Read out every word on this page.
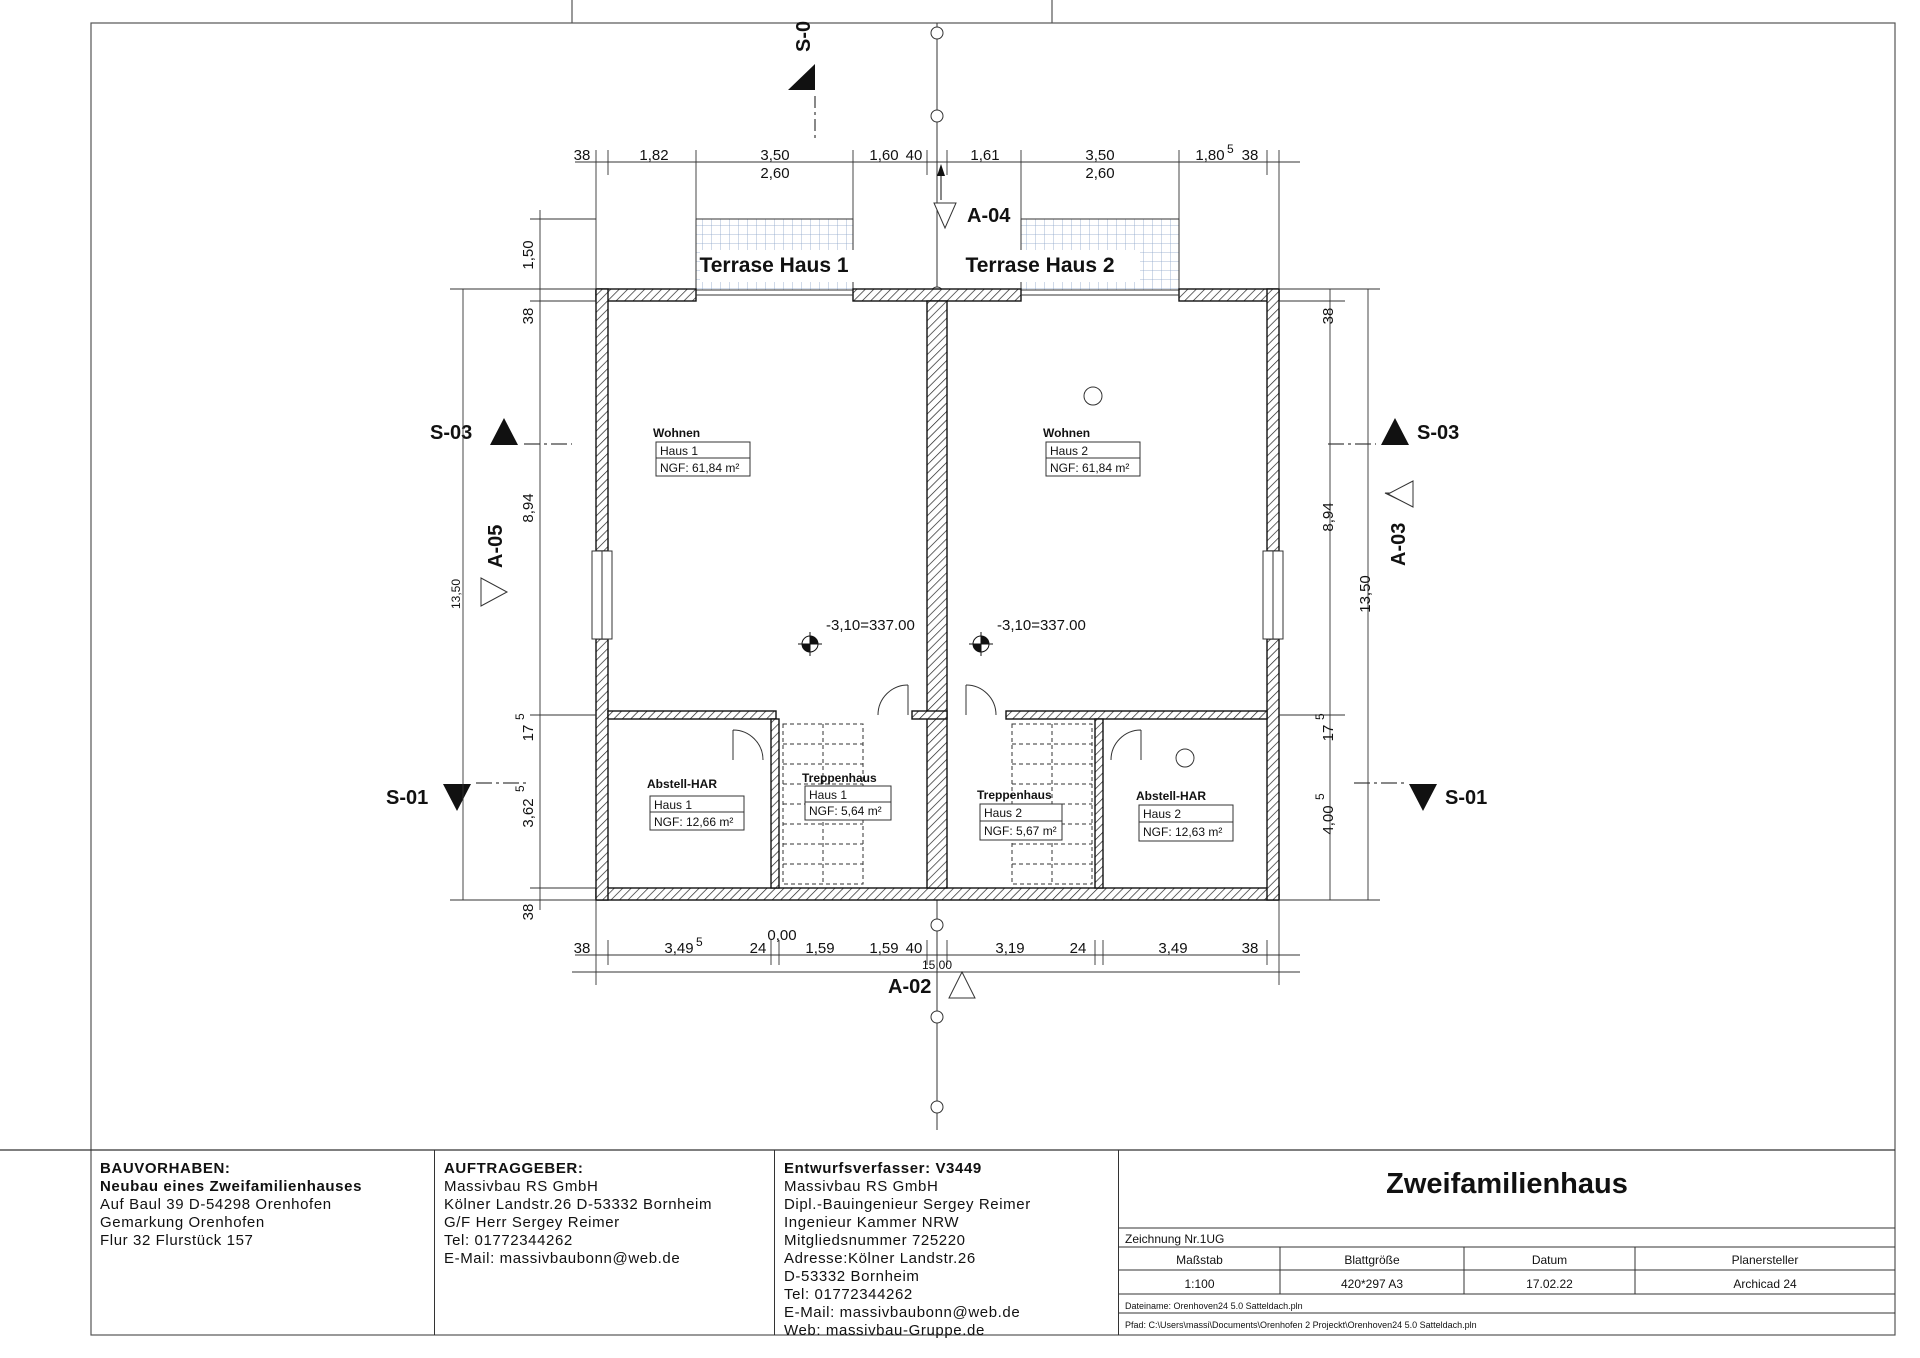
Terrase Haus 1	Terrase Haus 2
Wohnen
Haus 1
NGF: 61,84 m²
Wohnen
Haus 2
NGF: 61,84 m²
Abstell-HAR
Haus 1
NGF: 12,66 m²
Treppenhaus
Haus 1
NGF: 5,64 m²
Treppenhaus
Haus 2
NGF: 5,67 m²
Abstell-HAR
Haus 2
NGF: 12,63 m²
-3,10=337.00	-3,10=337.00
S-03	S-03
S-01	S-01
S-0
A-04
A-02
A-05	A-03
38	1,82	3,50
2,60
1,60 40	1,61	3,50
2,60
1,80 5 38
38	3,49 5	24	1,59 1,59 40	3,19	24	3,49	38
15,00
0,00
1,50
38
8,94
13,50
17
5
3,62
5
38
38
8,94
13,50
17
5
4,00
5
BAUVORHABEN:
Neubau eines Zweifamilienhauses
Auf Baul 39 D-54298 Orenhofen
Gemarkung Orenhofen
Flur 32 Flurstück 157
AUFTRAGGEBER:
Massivbau RS GmbH
Kölner Landstr.26 D-53332 Bornheim
G/F Herr Sergey Reimer
Tel: 01772344262
E-Mail: massivbaubonn@web.de
Entwurfsverfasser: V3449
Massivbau RS GmbH
Dipl.-Bauingenieur Sergey Reimer
Ingenieur Kammer NRW
Mitgliedsnummer 725220
Adresse:Kölner Landstr.26
D-53332 Bornheim
Tel: 01772344262
E-Mail: massivbaubonn@web.de
Web: massivbau-Gruppe.de
Zweifamilienhaus
Zeichnung Nr.1UG
Maßstab	Blattgröße	Datum	Planersteller
1:100	420*297 A3	17.02.22	Archicad 24
Dateiname: Orenhoven24 5.0 Satteldach.pln
Pfad: C:\Users\massi\Documents\Orenhofen 2 Projeckt\Orenhoven24 5.0 Satteldach.pln
